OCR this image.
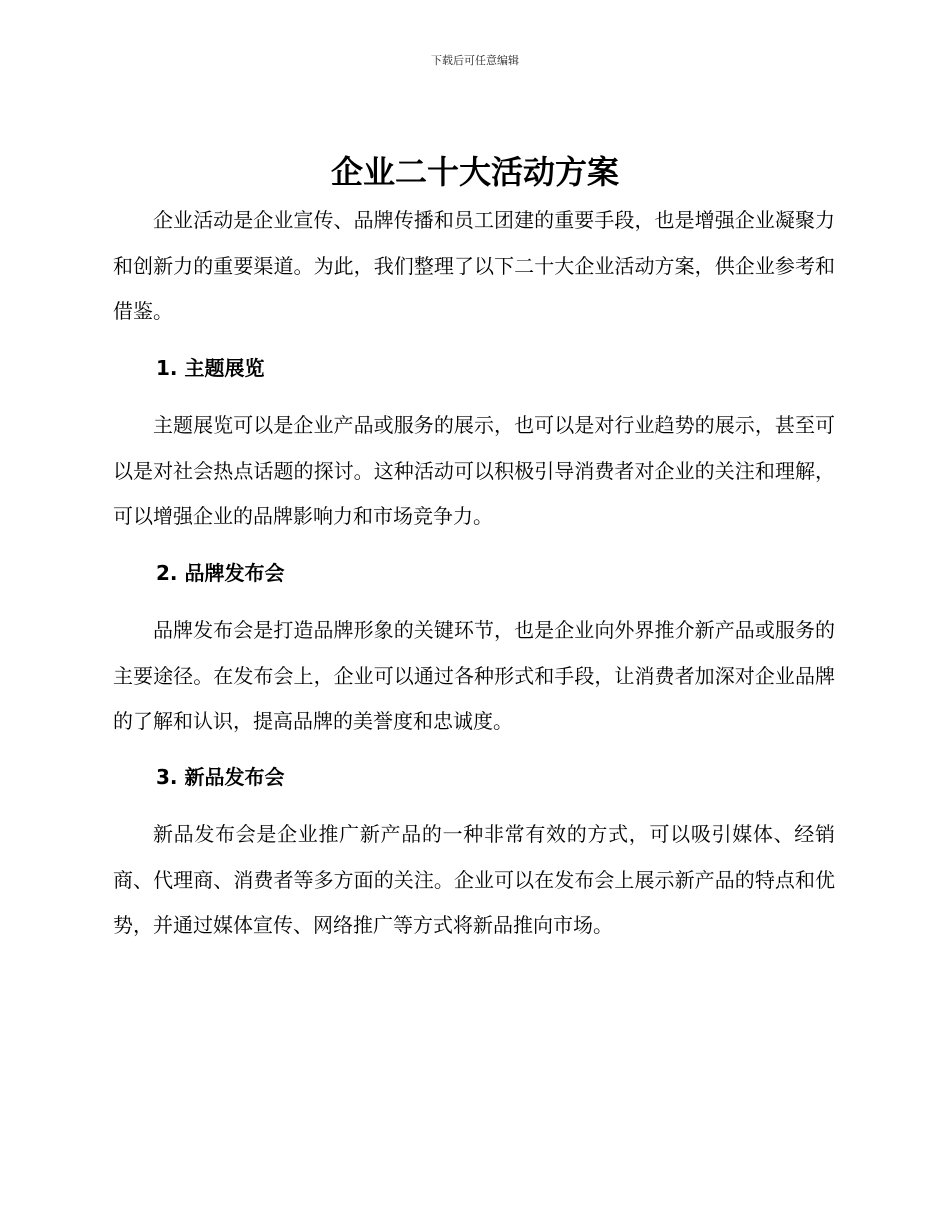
下载后可任意编辑
企业二十大活动方案

企业活动是企业宣传、品牌传播和员工团建的重要手段，也是增强企业凝聚力和创新力的重要渠道。为此，我们整理了以下二十大企业活动方案，供企业参考和借鉴。

1. 主题展览

主题展览可以是企业产品或服务的展示，也可以是对行业趋势的展示，甚至可以是对社会热点话题的探讨。这种活动可以积极引导消费者对企业的关注和理解，可以增强企业的品牌影响力和市场竞争力。

2. 品牌发布会

品牌发布会是打造品牌形象的关键环节，也是企业向外界推介新产品或服务的主要途径。在发布会上，企业可以通过各种形式和手段，让消费者加深对企业品牌的了解和认识，提高品牌的美誉度和忠诚度。

3. 新品发布会

新品发布会是企业推广新产品的一种非常有效的方式，可以吸引媒体、经销商、代理商、消费者等多方面的关注。企业可以在发布会上展示新产品的特点和优势，并通过媒体宣传、网络推广等方式将新品推向市场。
